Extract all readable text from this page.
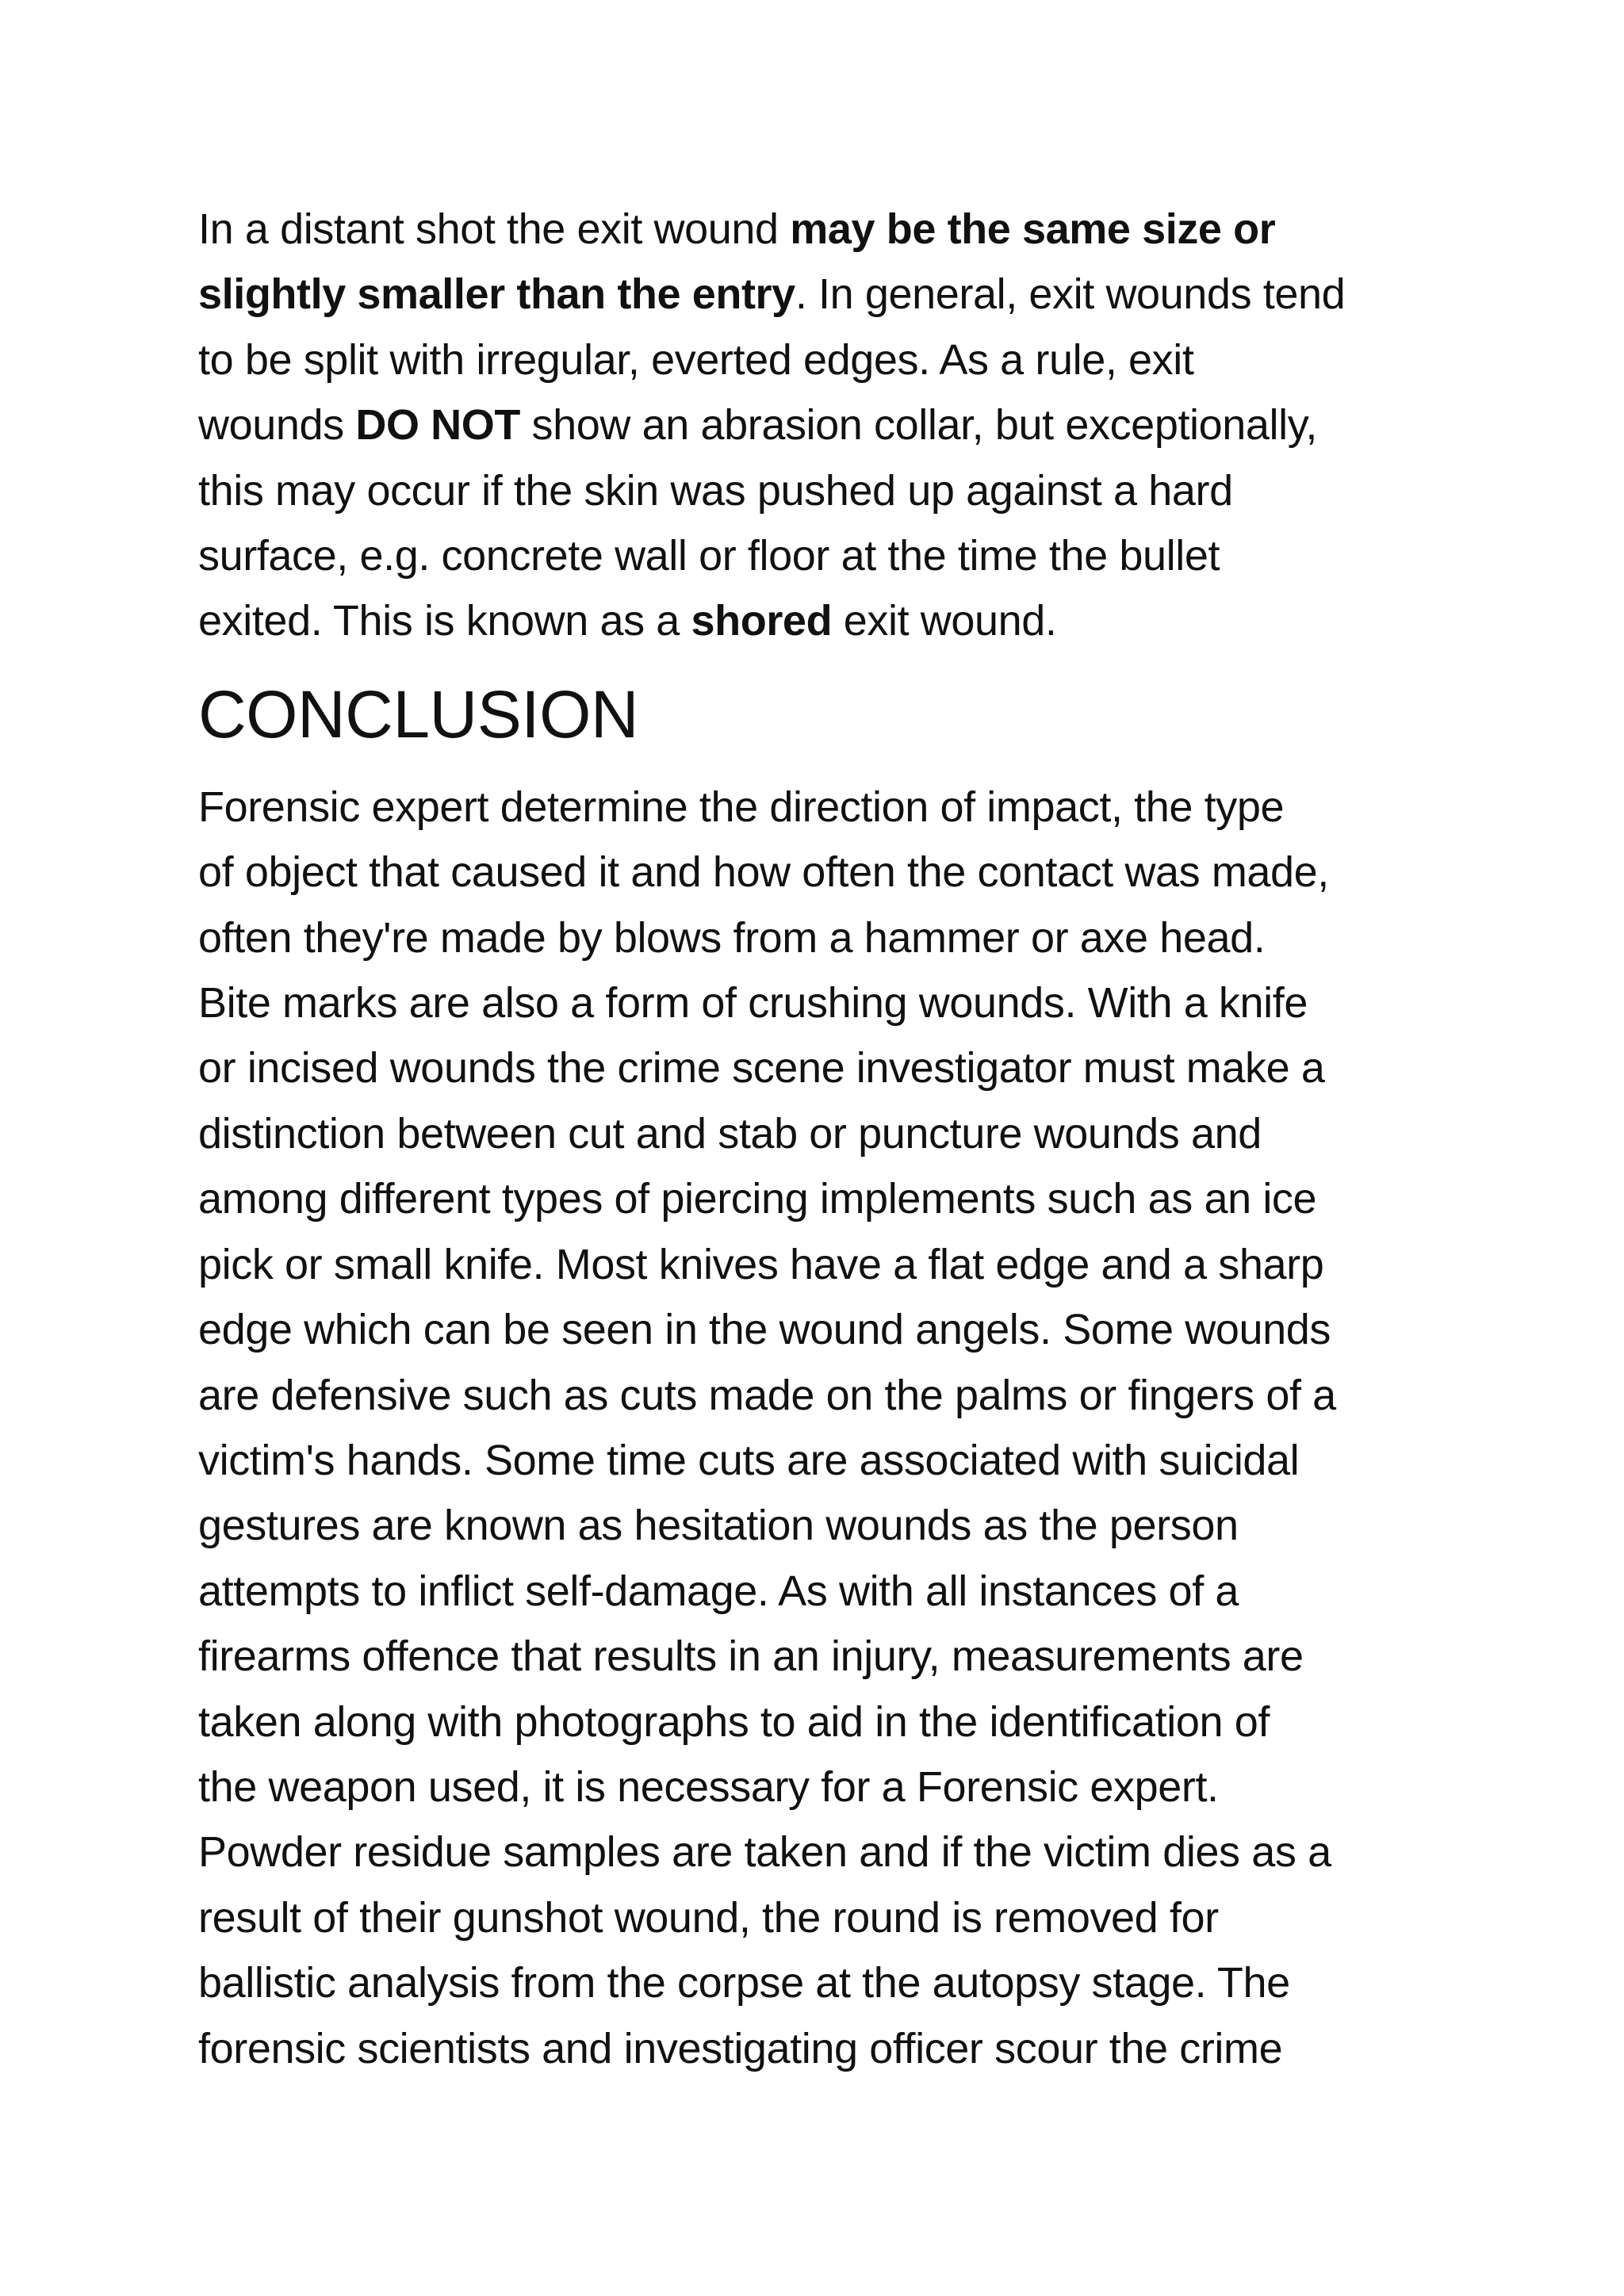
In a distant shot the exit wound may be the same size or
slightly smaller than the entry. In general, exit wounds tend
to be split with irregular, everted edges. As a rule, exit
wounds DO NOT show an abrasion collar, but exceptionally,
this may occur if the skin was pushed up against a hard
surface, e.g. concrete wall or floor at the time the bullet
exited. This is known as a shored exit wound.

CONCLUSION

Forensic expert determine the direction of impact, the type
of object that caused it and how often the contact was made,
often they're made by blows from a hammer or axe head.
Bite marks are also a form of crushing wounds. With a knife
or incised wounds the crime scene investigator must make a
distinction between cut and stab or puncture wounds and
among different types of piercing implements such as an ice
pick or small knife. Most knives have a flat edge and a sharp
edge which can be seen in the wound angels. Some wounds
are defensive such as cuts made on the palms or fingers of a
victim's hands. Some time cuts are associated with suicidal
gestures are known as hesitation wounds as the person
attempts to inflict self-damage. As with all instances of a
firearms offence that results in an injury, measurements are
taken along with photographs to aid in the identification of
the weapon used, it is necessary for a Forensic expert.
Powder residue samples are taken and if the victim dies as a
result of their gunshot wound, the round is removed for
ballistic analysis from the corpse at the autopsy stage. The
forensic scientists and investigating officer scour the crime
